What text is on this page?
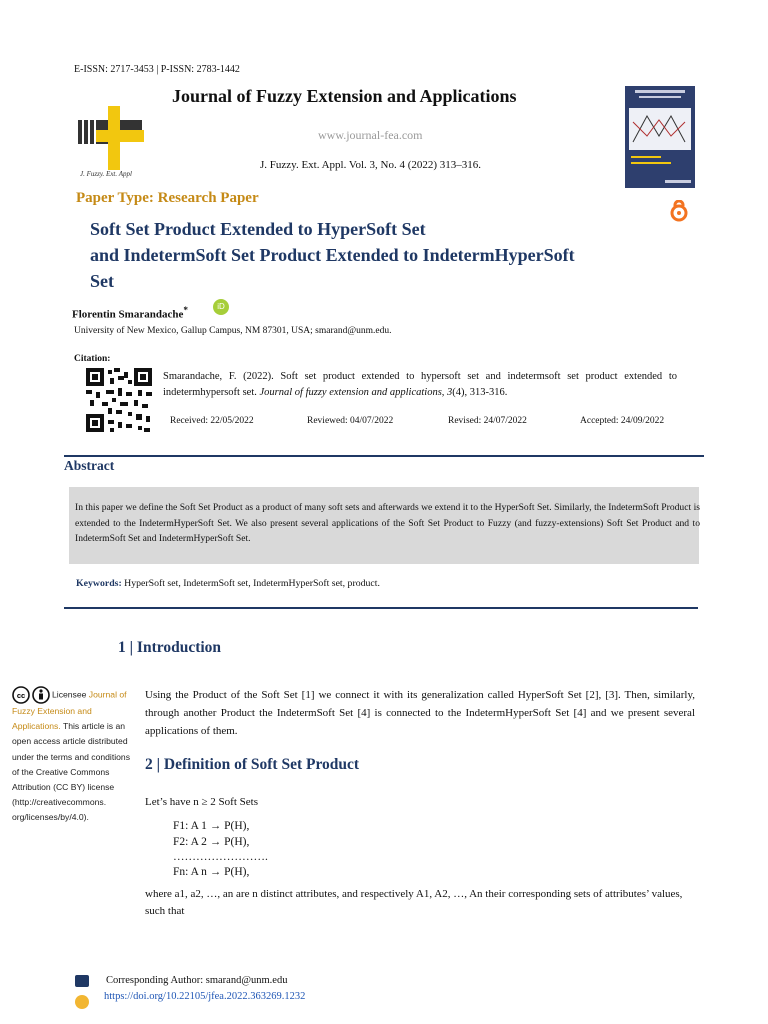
E-ISSN: 2717-3453 | P-ISSN: 2783-1442
J. Fuzzy. Ext. Appl
Journal of Fuzzy Extension and Applications
www.journal-fea.com
J. Fuzzy. Ext. Appl. Vol. 3, No. 4 (2022) 313–316.
Paper Type: Research Paper
Soft Set Product Extended to HyperSoft Set
and IndetermSoft Set Product Extended to IndetermHyperSoft
Set
Florentin Smarandache*	iD
University of New Mexico, Gallup Campus, NM 87301, USA; smarand@unm.edu.
Citation:
Smarandache, F. (2022). Soft set product extended to hypersoft set and indetermsoft set product extended to indetermhypersoft set. Journal of fuzzy extension and applications, 3(4), 313-316.
Received: 22/05/2022	Reviewed: 04/07/2022	Revised: 24/07/2022	Accepted: 24/09/2022
Abstract
In this paper we define the Soft Set Product as a product of many soft sets and afterwards we extend it to the HyperSoft Set. Similarly, the IndetermSoft Product is extended to the IndetermHyperSoft Set. We also present several applications of the Soft Set Product to Fuzzy (and fuzzy-extensions) Soft Set Product and to IndetermSoft Set and IndetermHyperSoft Set.
Keywords: HyperSoft set, IndetermSoft set, IndetermHyperSoft set, product.
1 | Introduction
cc	Licensee Journal of Fuzzy Extension and Applications. This article is an open access article distributed under the terms and conditions of the Creative Commons Attribution (CC BY) license (http://creativecommons. org/licenses/by/4.0).
Using the Product of the Soft Set [1] we connect it with its generalization called HyperSoft Set [2], [3]. Then, similarly, through another Product the IndetermSoft Set [4] is connected to the IndetermHyperSoft Set [4] and we present several applications of them.
2 | Definition of Soft Set Product
Let’s have n ≥ 2 Soft Sets
F1: A 1 → P(H),
F2: A 2 → P(H),
…………………….
Fn: A n → P(H),
where a1, a2, …, an are n distinct attributes, and respectively A1, A2, …, An their corresponding sets of attributes’ values, such that
Corresponding Author: smarand@unm.edu
https://doi.org/10.22105/jfea.2022.363269.1232
